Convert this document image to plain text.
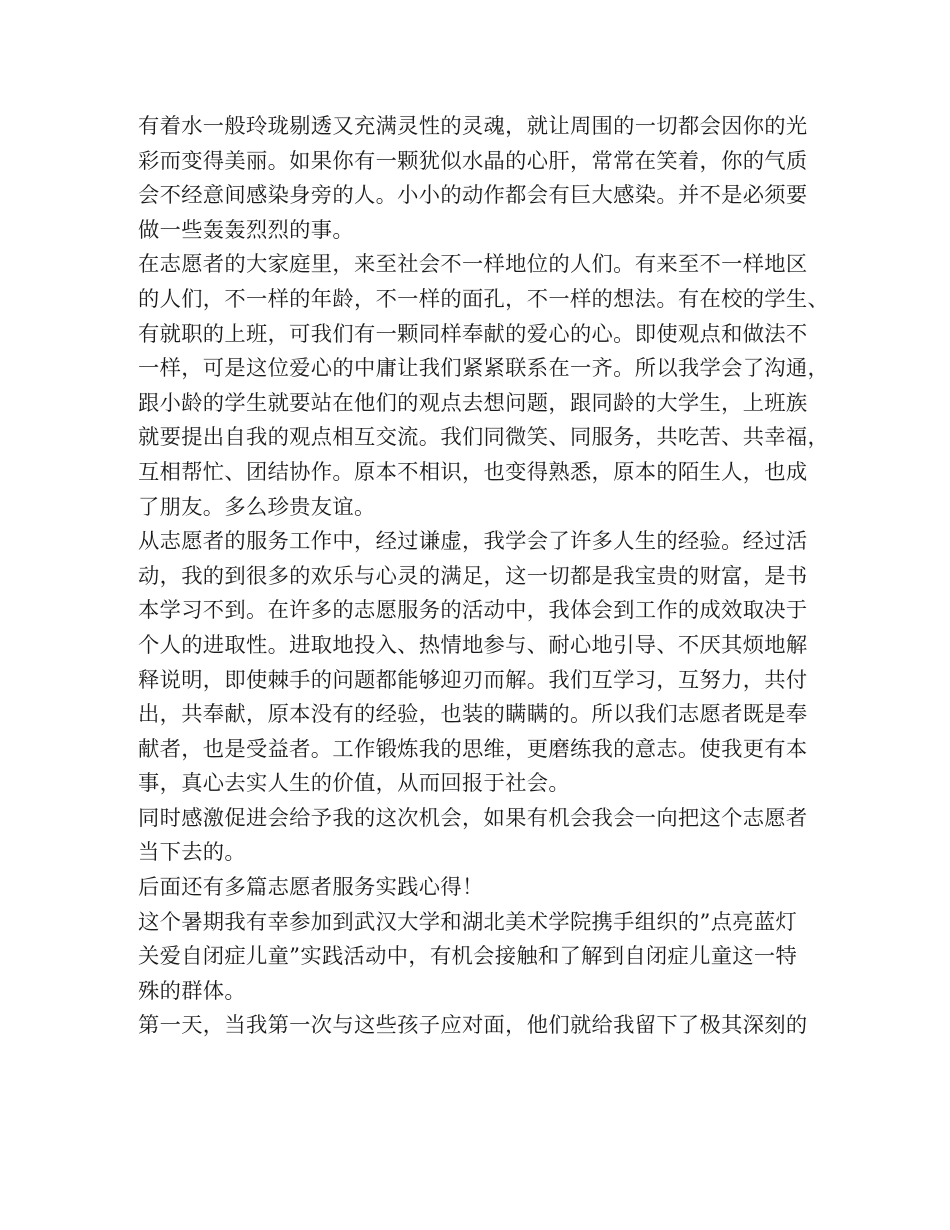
有着水一般玲珑剔透又充满灵性的灵魂，就让周围的一切都会因你的光
彩而变得美丽。如果你有一颗犹似水晶的心肝，常常在笑着，你的气质
会不经意间感染身旁的人。小小的动作都会有巨大感染。并不是必须要
做一些轰轰烈烈的事。
在志愿者的大家庭里，来至社会不一样地位的人们。有来至不一样地区
的人们，不一样的年龄，不一样的面孔，不一样的想法。有在校的学生、
有就职的上班，可我们有一颗同样奉献的爱心的心。即使观点和做法不
一样，可是这位爱心的中庸让我们紧紧联系在一齐。所以我学会了沟通，
跟小龄的学生就要站在他们的观点去想问题，跟同龄的大学生，上班族
就要提出自我的观点相互交流。我们同微笑、同服务，共吃苦、共幸福，
互相帮忙、团结协作。原本不相识，也变得熟悉，原本的陌生人，也成
了朋友。多么珍贵友谊。
从志愿者的服务工作中，经过谦虚，我学会了许多人生的经验。经过活
动，我的到很多的欢乐与心灵的满足，这一切都是我宝贵的财富，是书
本学习不到。在许多的志愿服务的活动中，我体会到工作的成效取决于
个人的进取性。进取地投入、热情地参与、耐心地引导、不厌其烦地解
释说明，即使棘手的问题都能够迎刃而解。我们互学习，互努力，共付
出，共奉献，原本没有的经验，也装的瞒瞒的。所以我们志愿者既是奉
献者，也是受益者。工作锻炼我的思维，更磨练我的意志。使我更有本
事，真心去实人生的价值，从而回报于社会。
同时感激促进会给予我的这次机会，如果有机会我会一向把这个志愿者
当下去的。
后面还有多篇志愿者服务实践心得！
这个暑期我有幸参加到武汉大学和湖北美术学院携手组织的”点亮蓝灯
关爱自闭症儿童”实践活动中，有机会接触和了解到自闭症儿童这一特
殊的群体。
第一天，当我第一次与这些孩子应对面，他们就给我留下了极其深刻的
